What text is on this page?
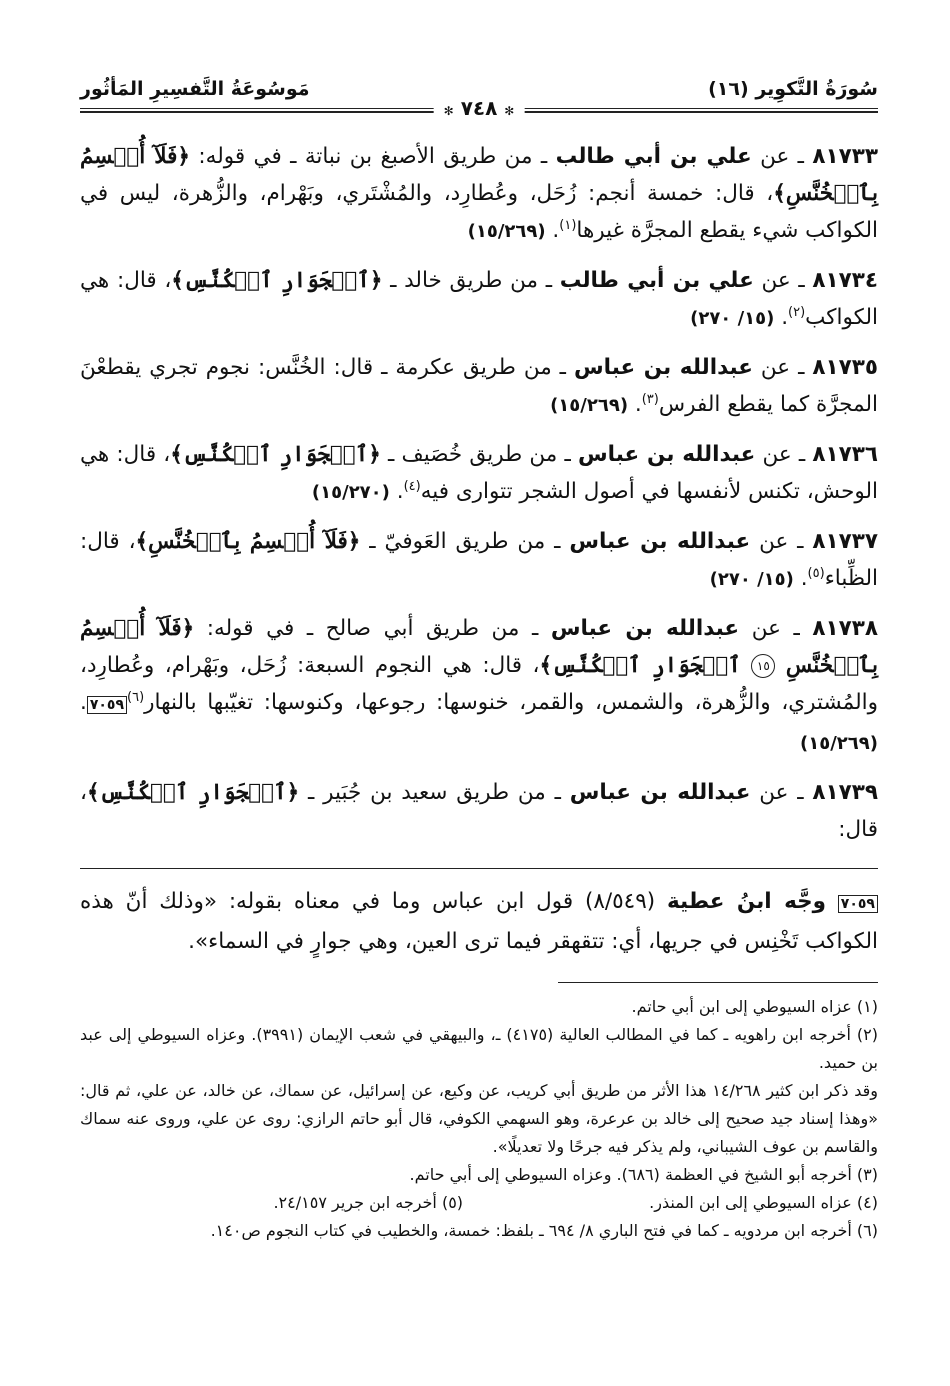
سُورَةُ التَّكوِير (١٦)
مَوسُوعَةُ التَّفسِيرِ المَأثُور
✻ ٧٤٨ ✻

٨١٧٣٣ ـ عن علي بن أبي طالب ـ من طريق الأصبغ بن نباتة ـ في قوله: ﴿فَلَآ أُقۡسِمُ بِٱلۡخُنَّسِ﴾، قال: خمسة أنجم: زُحَل، وعُطارِد، والمُشْتَري، وبَهْرام، والزُّهرة، ليس في الكواكب شيء يقطع المجرَّة غيرها$^{(١)}$. (١٥/٢٦٩)

٨١٧٣٤ ـ عن علي بن أبي طالب ـ من طريق خالد ـ ﴿ٱلۡجَوَارِ ٱلۡكُنَّسِ﴾، قال: هي الكواكب$^{(٢)}$. (١٥/ ٢٧٠)

٨١٧٣٥ ـ عن عبدالله بن عباس ـ من طريق عكرمة ـ قال: الخُنَّس: نجوم تجري يقطعْنَ المجرَّة كما يقطع الفرس$^{(٣)}$. (١٥/٢٦٩)

٨١٧٣٦ ـ عن عبدالله بن عباس ـ من طريق خُصَيف ـ ﴿ٱلۡجَوَارِ ٱلۡكُنَّسِ﴾، قال: هي الوحش، تكنس لأنفسها في أصول الشجر تتوارى فيه$^{(٤)}$. (١٥/٢٧٠)

٨١٧٣٧ ـ عن عبدالله بن عباس ـ من طريق العَوفيّ ـ ﴿فَلَآ أُقۡسِمُ بِٱلۡخُنَّسِ﴾، قال: الظِّباء$^{(٥)}$. (١٥/ ٢٧٠)

٨١٧٣٨ ـ عن عبدالله بن عباس ـ من طريق أبي صالح ـ في قوله: ﴿فَلَآ أُقۡسِمُ بِٱلۡخُنَّسِ ١٥ ٱلۡجَوَارِ ٱلۡكُنَّسِ﴾، قال: هي النجوم السبعة: زُحَل، وبَهْرام، وعُطارِد، والمُشتري، والزُّهرة، والشمس، والقمر، خنوسها: رجوعها، وكنوسها: تغيّبها بالنهار$^{(٦)}$٧٠٥٩. (١٥/٢٦٩)

٨١٧٣٩ ـ عن عبدالله بن عباس ـ من طريق سعيد بن جُبَير ـ ﴿ٱلۡجَوَارِ ٱلۡكُنَّسِ﴾، قال:

٧٠٥٩ وجَّه ابنُ عطية (٨/٥٤٩) قول ابن عباس وما في معناه بقوله: «وذلك أنّ هذه الكواكب تَخْنِس في جريها، أي: تتقهقر فيما ترى العين، وهي جوارٍ في السماء».

(١) عزاه السيوطي إلى ابن أبي حاتم.

(٢) أخرجه ابن راهويه ـ كما في المطالب العالية (٤١٧٥) ـ، والبيهقي في شعب الإيمان (٣٩٩١). وعزاه السيوطي إلى عبد بن حميد.

وقد ذكر ابن كثير ١٤/٢٦٨ هذا الأثر من طريق أبي كريب، عن وكيع، عن إسرائيل، عن سماك، عن خالد، عن علي، ثم قال: «وهذا إسناد جيد صحيح إلى خالد بن عرعرة، وهو السهمي الكوفي، قال أبو حاتم الرازي: روى عن علي، وروى عنه سماك والقاسم بن عوف الشيباني، ولم يذكر فيه جرحًا ولا تعديلًا».

(٣) أخرجه أبو الشيخ في العظمة (٦٨٦). وعزاه السيوطي إلى أبي حاتم.

(٤) عزاه السيوطي إلى ابن المنذر.
(٥) أخرجه ابن جرير ٢٤/١٥٧.

(٦) أخرجه ابن مردويه ـ كما في فتح الباري ٨/ ٦٩٤ ـ بلفظ: خمسة، والخطيب في كتاب النجوم ص١٤٠.
